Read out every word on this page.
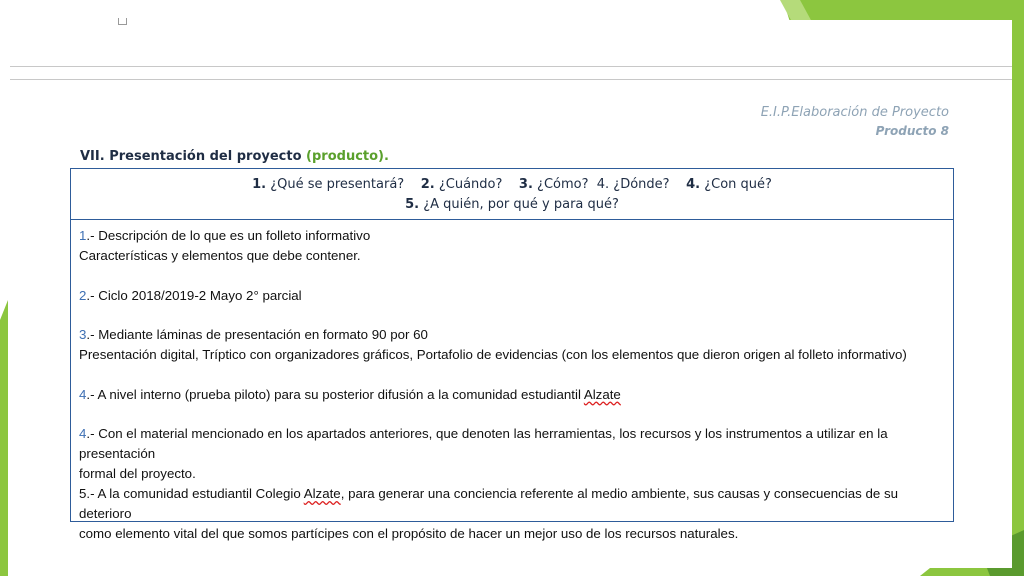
E.I.P.Elaboración de Proyecto
Producto 8
VII. Presentación del proyecto (producto).
1. ¿Qué se presentará? 2. ¿Cuándo? 3. ¿Cómo? 4. ¿Dónde? 4. ¿Con qué?
5. ¿A quién, por qué y para qué?

1.- Descripción de lo que es un folleto informativo

Características y elementos que debe contener.

2.- Ciclo 2018/2019-2 Mayo 2° parcial

3.- Mediante láminas de presentación en formato 90 por 60

Presentación digital, Tríptico con organizadores gráficos, Portafolio de evidencias (con los elementos que dieron origen al folleto informativo)

4.- A nivel interno (prueba piloto) para su posterior difusión a la comunidad estudiantil Alzate

4.- Con el material mencionado en los apartados anteriores, que denoten las herramientas, los recursos y los instrumentos a utilizar en la presentación

formal del proyecto.

5.- A la comunidad estudiantil Colegio Alzate, para generar una conciencia referente al medio ambiente, sus causas y consecuencias de su deterioro

como elemento vital del que somos partícipes con el propósito de hacer un mejor uso de los recursos naturales.
